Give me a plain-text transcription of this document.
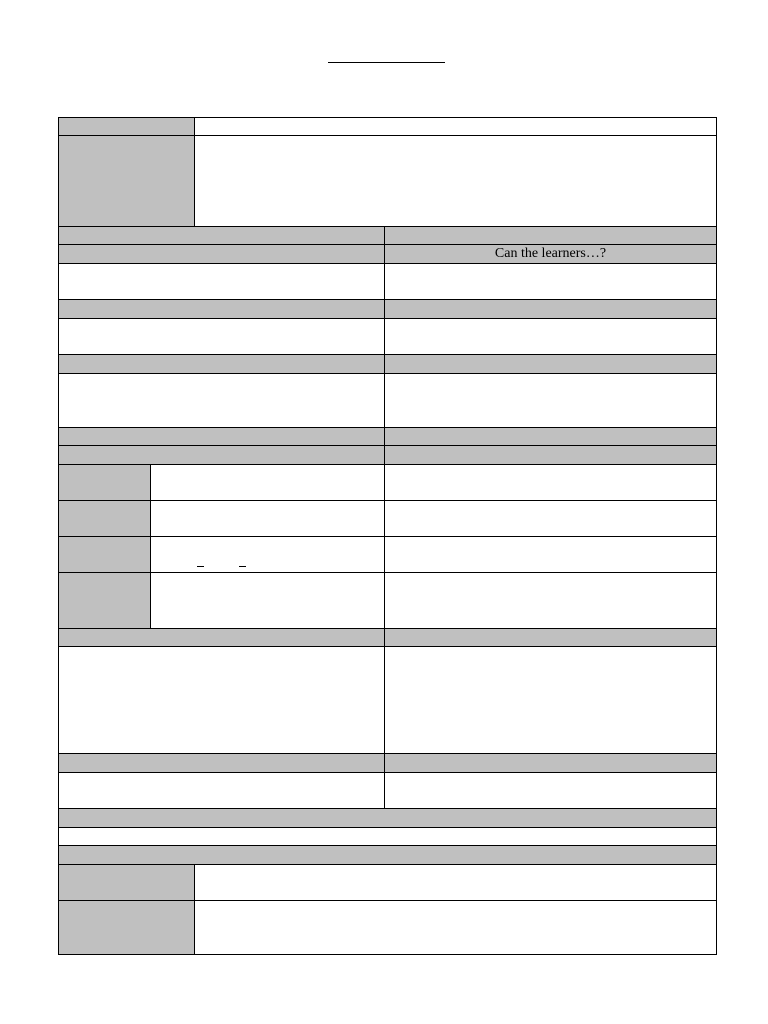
Can the learners…?
